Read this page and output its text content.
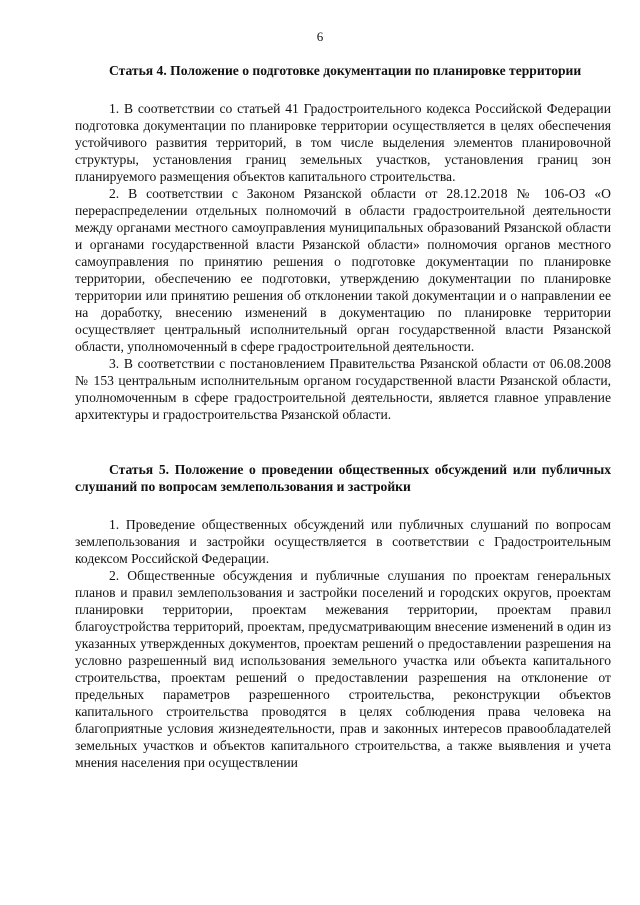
6

Статья 4. Положение о подготовке документации по планировке территории

1. В соответствии со статьей 41 Градостроительного кодекса Российской Федерации подготовка документации по планировке территории осуществляется в целях обеспечения устойчивого развития территорий, в том числе выделения элементов планировочной структуры, установления границ земельных участков, установления границ зон планируемого размещения объектов капитального строительства.

2. В соответствии с Законом Рязанской области от 28.12.2018 № 106-ОЗ «О перераспределении отдельных полномочий в области градостроительной деятельности между органами местного самоуправления муниципальных образований Рязанской области и органами государственной власти Рязанской области» полномочия органов местного самоуправления по принятию решения о подготовке документации по планировке территории, обеспечению ее подготовки, утверждению документации по планировке территории или принятию решения об отклонении такой документации и о направлении ее на доработку, внесению изменений в документацию по планировке территории осуществляет центральный исполнительный орган государственной власти Рязанской области, уполномоченный в сфере градостроительной деятельности.

3. В соответствии с постановлением Правительства Рязанской области от 06.08.2008 № 153 центральным исполнительным органом государственной власти Рязанской области, уполномоченным в сфере градостроительной деятельности, является главное управление архитектуры и градостроительства Рязанской области.

Статья 5. Положение о проведении общественных обсуждений или публичных слушаний по вопросам землепользования и застройки

1. Проведение общественных обсуждений или публичных слушаний по вопросам землепользования и застройки осуществляется в соответствии с Градостроительным кодексом Российской Федерации.

2. Общественные обсуждения и публичные слушания по проектам генеральных планов и правил землепользования и застройки поселений и городских округов, проектам планировки территории, проектам межевания территории, проектам правил благоустройства территорий, проектам, предусматривающим внесение изменений в один из указанных утвержденных документов, проектам решений о предоставлении разрешения на условно разрешенный вид использования земельного участка или объекта капитального строительства, проектам решений о предоставлении разрешения на отклонение от предельных параметров разрешенного строительства, реконструкции объектов капитального строительства проводятся в целях соблюдения права человека на благоприятные условия жизнедеятельности, прав и законных интересов правообладателей земельных участков и объектов капитального строительства, а также выявления и учета мнения населения при осуществлении
